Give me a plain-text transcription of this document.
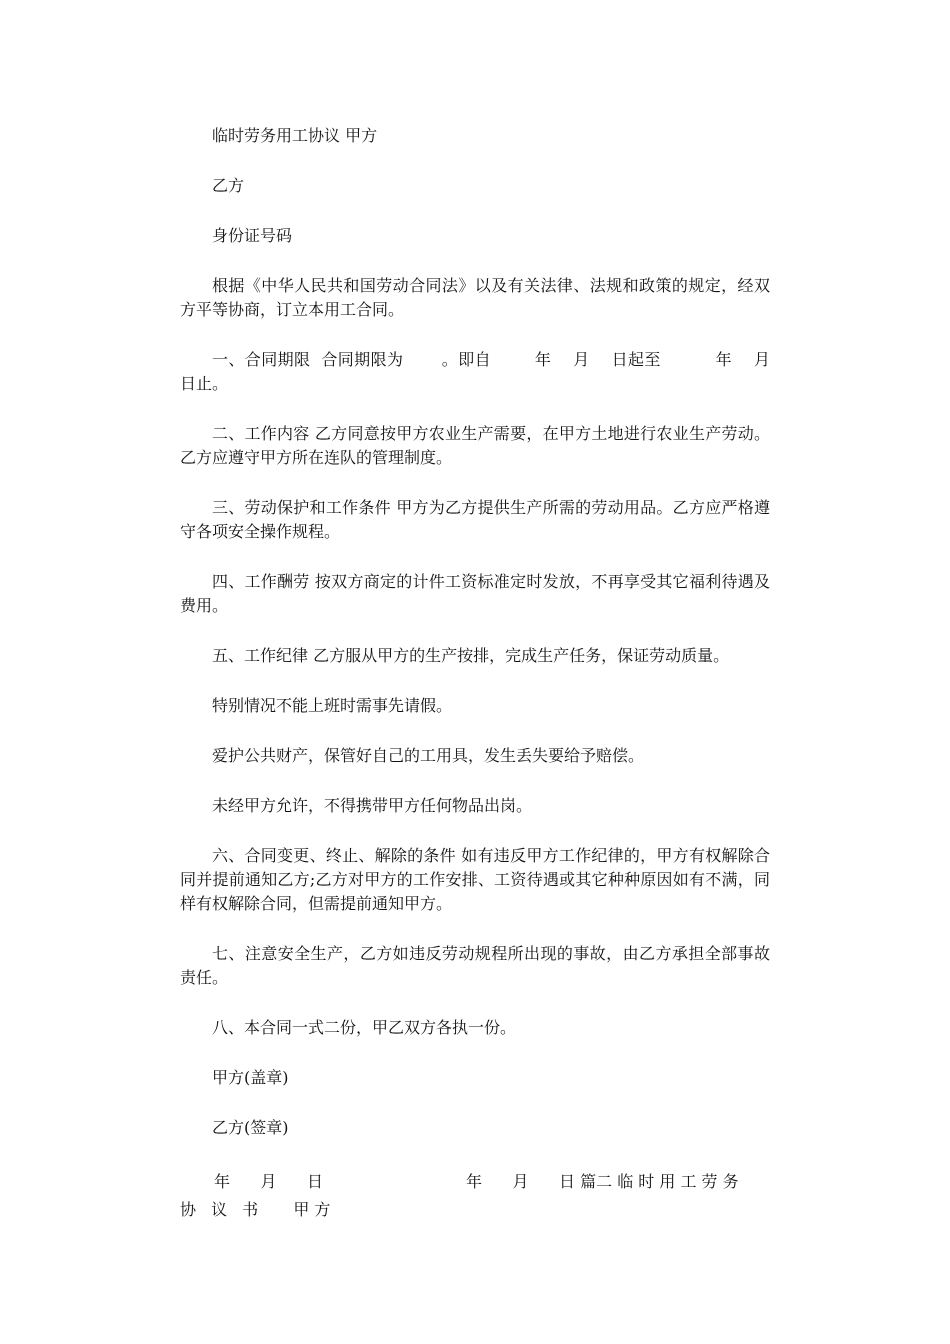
临时劳务用工协议 甲方

乙方

身份证号码

根据《中华人民共和国劳动合同法》以及有关法律、法规和政策的规定，经双方平等协商，订立本用工合同。

一、合同期限  合同期限为       。即自        年    月    日起至          年    月    日止。

二、工作内容 乙方同意按甲方农业生产需要，在甲方土地进行农业生产劳动。乙方应遵守甲方所在连队的管理制度。

三、劳动保护和工作条件 甲方为乙方提供生产所需的劳动用品。乙方应严格遵守各项安全操作规程。

四、工作酬劳 按双方商定的计件工资标准定时发放，不再享受其它福利待遇及费用。

五、工作纪律 乙方服从甲方的生产按排，完成生产任务，保证劳动质量。

特别情况不能上班时需事先请假。

爱护公共财产，保管好自己的工用具，发生丢失要给予赔偿。

未经甲方允许，不得携带甲方任何物品出岗。

六、合同变更、终止、解除的条件 如有违反甲方工作纪律的，甲方有权解除合同并提前通知乙方;乙方对甲方的工作安排、工资待遇或其它种种原因如有不满，同样有权解除合同，但需提前通知甲方。

七、注意安全生产，乙方如违反劳动规程所出现的事故，由乙方承担全部事故责任。

八、本合同一式二份，甲乙双方各执一份。

甲方(盖章)

乙方(签章)

年      月      日	年      月      日 篇二 临 时 用 工 劳 务
协 议 书   甲方
